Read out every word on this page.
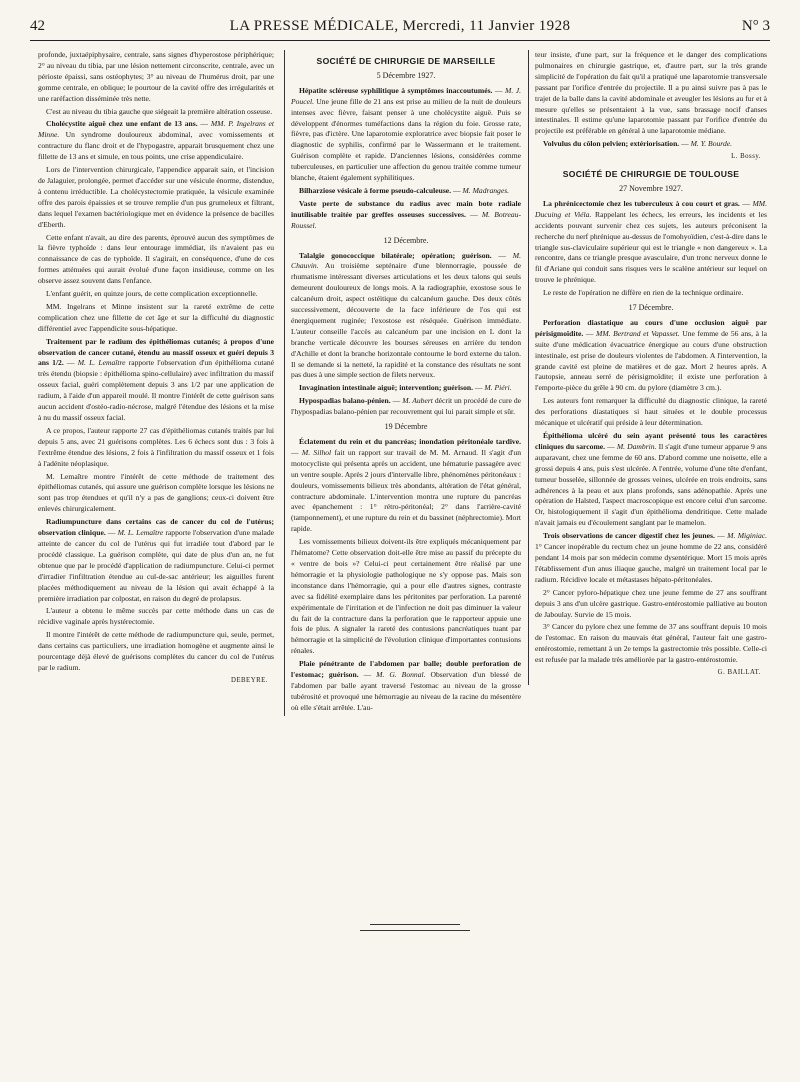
42	LA PRESSE MÉDICALE, Mercredi, 11 Janvier 1928	N° 3

profonde, juxtaépiphysaire, centrale, sans signes d'hyperostose périphérique; 2° au niveau du tibia, par une lésion nettement circonscrite, centrale, avec un périoste épaissi, sans ostéophytes; 3° au niveau de l'humérus droit, par une gomme centrale, en oblique; le pourtour de la cavité offre des irrégularités et une raréfaction disséminée très nette.

C'est au niveau du tibia gauche que siégeait la première altération osseuse.

Cholécystite aiguë chez une enfant de 13 ans. — MM. P. Ingelrans et Minne. Un syndrome douloureux abdominal, avec vomissements et contracture du flanc droit et de l'hypogastre, apparait brusquement chez une fillette de 13 ans et simule, en tous points, une crise appendiculaire.

Lors de l'intervention chirurgicale, l'appendice apparait sain, et l'incision de Jalaguier, prolongée, permet d'accéder sur une vésicule énorme, distendue, à contenu irréductible. La cholécystectomie pratiquée, la vésicule examinée offre des parois épaissies et se trouve remplie d'un pus grumeleux et filtrant, dans lequel l'examen bactériologique met en évidence la présence de bacilles d'Eberth.

Cette enfant n'avait, au dire des parents, éprouvé aucun des symptômes de la fièvre typhoïde : dans leur entourage immédiat, ils n'avaient pas eu connaissance de cas de typhoïde. Il s'agirait, en conséquence, d'une de ces formes atténuées qui aurait évolué d'une façon insidieuse, comme on les observe assez souvent dans l'enfance.

L'enfant guérit, en quinze jours, de cette complication exceptionnelle.

MM. Ingelrans et Minne insistent sur la rareté extrême de cette complication chez une fillette de cet âge et sur la difficulté du diagnostic différentiel avec l'appendicite sous-hépatique.

Traitement par le radium des épithéliomas cutanés; à propos d'une observation de cancer cutané, étendu au massif osseux et guéri depuis 3 ans 1/2. — M. L. Lemaître rapporte l'observation d'un épithélioma cutané très étendu (biopsie : épithélioma spino-cellulaire) avec infiltration du massif osseux facial, guéri complètement depuis 3 ans 1/2 par une application de radium, à l'aide d'un appareil moulé. Il montre l'intérêt de cette guérison sans aucun accident d'ostéo-radio-nécrose, malgré l'étendue des lésions et la mise à nu du massif osseux facial.

A ce propos, l'auteur rapporte 27 cas d'épithéliomas cutanés traités par lui depuis 5 ans, avec 21 guérisons complètes. Les 6 échecs sont dus : 3 fois à l'extrême étendue des lésions, 2 fois à l'infiltration du massif osseux et 1 fois à l'adénite néoplasique.

M. Lemaître montre l'intérêt de cette méthode de traitement des épithéliomas cutanés, qui assure une guérison complète lorsque les lésions ne sont pas trop étendues et qu'il n'y a pas de ganglions; ceux-ci doivent être enlevés chirurgicalement.

Radiumpuncture dans certains cas de cancer du col de l'utérus; observation clinique. — M. L. Lemaître rapporte l'observation d'une malade atteinte de cancer du col de l'utérus qui fut irradiée tout d'abord par le procédé classique. La guérison complète, qui date de plus d'un an, ne fut obtenue que par le procédé d'application de radiumpuncture. Celui-ci permet d'irradier l'infiltration étendue au cul-de-sac antérieur; les aiguilles furent placées méthodiquement au niveau de la lésion qui avait échappé à la première irradiation par colpostat, en raison du degré de prolapsus.

L'auteur a obtenu le même succès par cette méthode dans un cas de récidive vaginale après hystérectomie.

Il montre l'intérêt de cette méthode de radiumpuncture qui, seule, permet, dans certains cas particuliers, une irradiation homogène et augmente ainsi le pourcentage déjà élevé de guérisons complètes du cancer du col de l'utérus par le radium.

DEBEYRE.
SOCIÉTÉ DE CHIRURGIE DE MARSEILLE
5 Décembre 1927.

Hépatite scléreuse syphilitique à symptômes inaccoutumés. — M. J. Poucel. Une jeune fille de 21 ans est prise au milieu de la nuit de douleurs intenses avec fièvre, faisant penser à une cholécystite aiguë. Puis se développent d'énormes tuméfactions dans la région du foie. Grosse rate, fièvre, pas d'ictère. Une laparotomie exploratrice avec biopsie fait poser le diagnostic de syphilis, confirmé par le Wassermann et le traitement. Guérison complète et rapide. D'anciennes lésions, considérées comme tuberculeuses, en particulier une affection du genou traitée comme tumeur blanche, étaient également syphilitiques.

Bilharziose vésicale à forme pseudo-calculeuse. — M. Madranges.

Vaste perte de substance du radius avec main bote radiale inutilisable traitée par greffes osseuses successives. — M. Botreau-Roussel.

12 Décembre.

Talalgie gonococcique bilatérale; opération; guérison. — M. Chauvin. Au troisième septénaire d'une blennorragie, poussée de rhumatisme intéressant diverses articulations et les deux talons qui seuls demeurent douloureux de longs mois. A la radiographie, exostose sous le calcanéum droit, aspect ostéitique du calcanéum gauche. Des deux côtés successivement, découverte de la face inférieure de l'os qui est énergiquement ruginée; l'exostose est réséquée. Guérison immédiate. L'auteur conseille l'accès au calcanéum par une incision en L dont la branche verticale découvre les bourses séreuses en arrière du tendon d'Achille et dont la branche horizontale contourne le bord externe du talon. Il se demande si la netteté, la rapidité et la constance des résultats ne sont pas dues à une simple section de filets nerveux.

Invagination intestinale aiguë; intervention; guérison. — M. Piéri.

Hypospadias balano-pénien. — M. Aubert décrit un procédé de cure de l'hypospadias balano-pénien par recouvrement qui lui parait simple et sûr.

19 Décembre

Éclatement du rein et du pancréas; inondation péritonéale tardive. — M. Silhol fait un rapport sur travail de M. M. Arnaud. Il s'agit d'un motocycliste qui présenta après un accident, une hématurie passagère avec un ventre souple. Après 2 jours d'intervalle libre, phénomènes péritonéaux : douleurs, vomissements bilieux très abondants, altération de l'état général, contracture abdominale. L'intervention montra une rupture du pancréas avec épanchement : 1° rétro-péritonéal; 2° dans l'arrière-cavité (tamponnement), et une rupture du rein et du bassinet (néphrectomie). Mort rapide.

Les vomissements bilieux doivent-ils être expliqués mécaniquement par l'hématome? Cette observation doit-elle être mise au passif du précepte du « ventre de bois »? Celui-ci peut certainement être réalisé par une hémorragie et la physiologie pathologique ne s'y oppose pas. Mais son inconstance dans l'hémorragie, qui a pour elle d'autres signes, contraste avec sa fidélité exemplaire dans les péritonites par perforation. La parenté expérimentale de l'irritation et de l'infection ne doit pas diminuer la valeur du fait de la contracture dans la perforation que le rapporteur appuie une fois de plus. A signaler la rareté des contusions pancréatiques tuant par hémorragie et la simplicité de l'évolution clinique d'importantes contusions rénales.

Plaie pénétrante de l'abdomen par balle; double perforation de l'estomac; guérison. — M. G. Bonnal. Observation d'un blessé de l'abdomen par balle ayant traversé l'estomac au niveau de la grosse tubérosité et provoqué une hémorragie au niveau de la racine du mésentère où elle s'était arrêtée. L'au-

teur insiste, d'une part, sur la fréquence et le danger des complications pulmonaires en chirurgie gastrique, et, d'autre part, sur la très grande simplicité de l'opération du fait qu'il a pratiqué une laparotomie transversale passant par l'orifice d'entrée du projectile. Il a pu ainsi suivre pas à pas le trajet de la balle dans la cavité abdominale et aveugler les lésions au fur et à mesure qu'elles se présentaient à la vue, sans brassage nocif d'anses intestinales. Il estime qu'une laparotomie passant par l'orifice d'entrée du projectile est préférable en général à une laparotomie médiane.

Volvulus du côlon pelvien; extériorisation. — M. Y. Bourde.

L. Bossy.
SOCIÉTÉ DE CHIRURGIE DE TOULOUSE
27 Novembre 1927.

La phrénicectomie chez les tuberculeux à cou court et gras. — MM. Ducuing et Viéla. Rappelant les échecs, les erreurs, les incidents et les accidents pouvant survenir chez ces sujets, les auteurs préconisent la recherche du nerf phrénique au-dessus de l'omohyoïdien, c'est-à-dire dans le triangle sus-claviculaire supérieur qui est le triangle « non dangereux ». La rencontre, dans ce triangle presque avasculaire, d'un tronc nerveux donne le fil d'Ariane qui conduit sans risques vers le scalène antérieur sur lequel on trouve le phrénique.

Le reste de l'opération ne diffère en rien de la technique ordinaire.

17 Décembre.

Perforation diastatique au cours d'une occlusion aiguë par périsigmoïdite. — MM. Bertrand et Vapasset. Une femme de 56 ans, à la suite d'une médication évacuatrice énergique au cours d'une obstruction intestinale, est prise de douleurs violentes de l'abdomen. A l'intervention, la grande cavité est pleine de matières et de gaz. Mort 2 heures après. A l'autopsie, anneau serré de périsigmoïdite; il existe une perforation à l'emporte-pièce du grêle à 90 cm. du pylore (diamètre 3 cm.).

Les auteurs font remarquer la difficulté du diagnostic clinique, la rareté des perforations diastatiques si haut situées et le double processus mécanique et ulcératif qui préside à leur détermination.

Épithélioma ulcéré du sein ayant présenté tous les caractères cliniques du sarcome. — M. Dambrin. Il s'agit d'une tumeur apparue 9 ans auparavant, chez une femme de 60 ans. D'abord comme une noisette, elle a grossi depuis 4 ans, puis s'est ulcérée. A l'entrée, volume d'une tête d'enfant, tumeur bosselée, sillonnée de grosses veines, ulcérée en trois endroits, sans adhérences à la peau et aux plans profonds, sans adénopathie. Après une opération de Halsted, l'aspect macroscopique est encore celui d'un sarcome. Or, histologiquement il s'agit d'un épithélioma dendritique. Cette malade n'avait jamais eu d'écoulement sanglant par le mamelon.

Trois observations de cancer digestif chez les jeunes. — M. Miginiac. 1° Cancer inopérable du rectum chez un jeune homme de 22 ans, considéré pendant 14 mois par son médecin comme dysentérique. Mort 15 mois après l'établissement d'un anus iliaque gauche, malgré un traitement local par le radium. Récidive locale et métastases hépato-péritonéales.

2° Cancer pyloro-hépatique chez une jeune femme de 27 ans souffrant depuis 3 ans d'un ulcère gastrique. Gastro-entérostomie palliative au bouton de Jaboulay. Survie de 15 mois.

3° Cancer du pylore chez une femme de 37 ans souffrant depuis 10 mois de l'estomac. En raison du mauvais état général, l'auteur fait une gastro-entérostomie, remettant à un 2e temps la gastrectomie très possible. Celle-ci est refusée par la malade très améliorée par la gastro-entérostomie.

G. BAILLAT.
